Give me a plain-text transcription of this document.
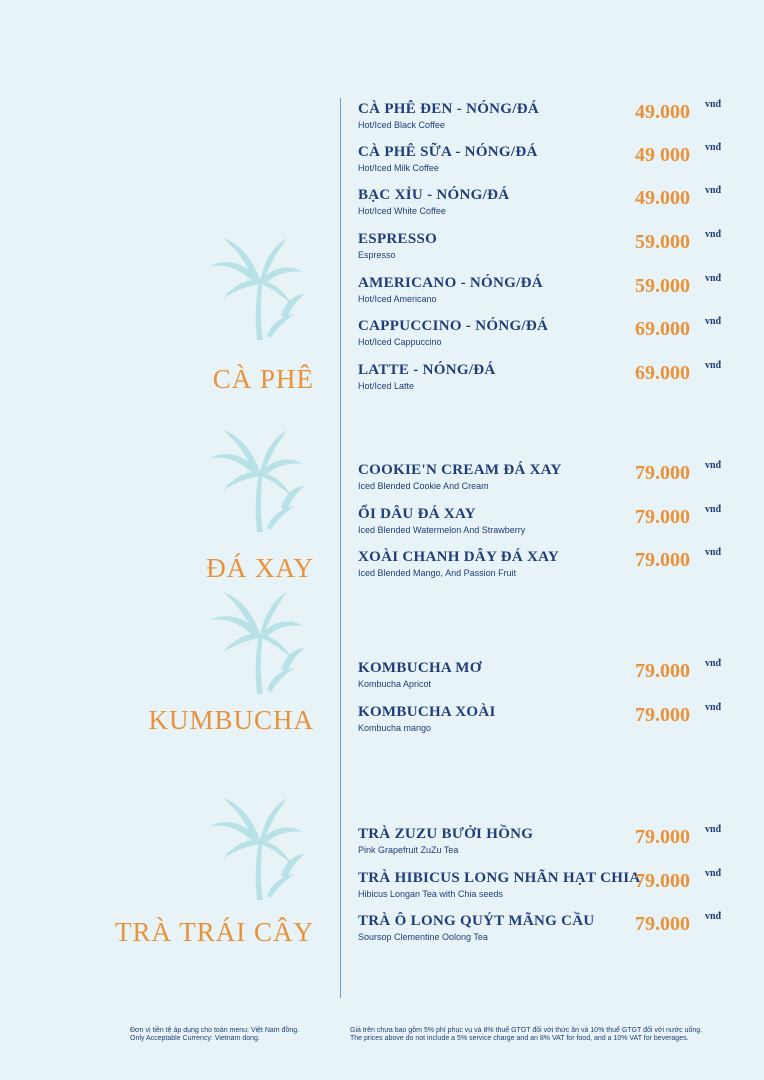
CÀ PHÊ
ĐÁ XAY
KUMBUCHA
TRÀ TRÁI CÂY
CÀ PHÊ ĐEN - NÓNG/ĐÁ
Hot/Iced Black Coffee
49.000 vnđ
CÀ PHÊ SỮA - NÓNG/ĐÁ
Hot/Iced Milk Coffee
49 000 vnđ
BẠC XỈU - NÓNG/ĐÁ
Hot/Iced White Coffee
49.000 vnđ
ESPRESSO
Espresso
59.000 vnđ
AMERICANO - NÓNG/ĐÁ
Hot/Iced Americano
59.000 vnđ
CAPPUCCINO - NÓNG/ĐÁ
Hot/Iced Cappuccino
69.000 vnđ
LATTE - NÓNG/ĐÁ
Hot/Iced Latte
69.000 vnđ
COOKIE'N CREAM ĐÁ XAY
Iced Blended Cookie And Cream
79.000 vnđ
ỔI DÂU ĐÁ XAY
Iced Blended Watermelon And Strawberry
79.000 vnđ
XOÀI CHANH DÂY ĐÁ XAY
Iced Blended Mango, And Passion Fruit
79.000 vnđ
KOMBUCHA MƠ
Kombucha Apricot
79.000 vnđ
KOMBUCHA XOÀI
Kombucha mango
79.000 vnđ
TRÀ ZUZU BƯỞI HỒNG
Pink Grapefruit ZuZu Tea
79.000 vnđ
TRÀ HIBICUS LONG NHÃN HẠT CHIA
Hibicus Longan Tea with Chia seeds
79.000 vnđ
TRÀ Ô LONG QUÝT MÃNG CẦU
Soursop Clementine Oolong Tea
79.000 vnđ
Đơn vị tiền tệ áp dụng cho toàn menu: Việt Nam đồng.
Only Acceptable Currency: Vietnam dong.
Giá trên chưa bao gồm 5% phí phục vụ và 8% thuế GTGT đối với thức ăn và 10% thuế GTGT đối với nước uống.
The prices above do not include a 5% service charge and an 8% VAT for food, and a 10% VAT for beverages.
